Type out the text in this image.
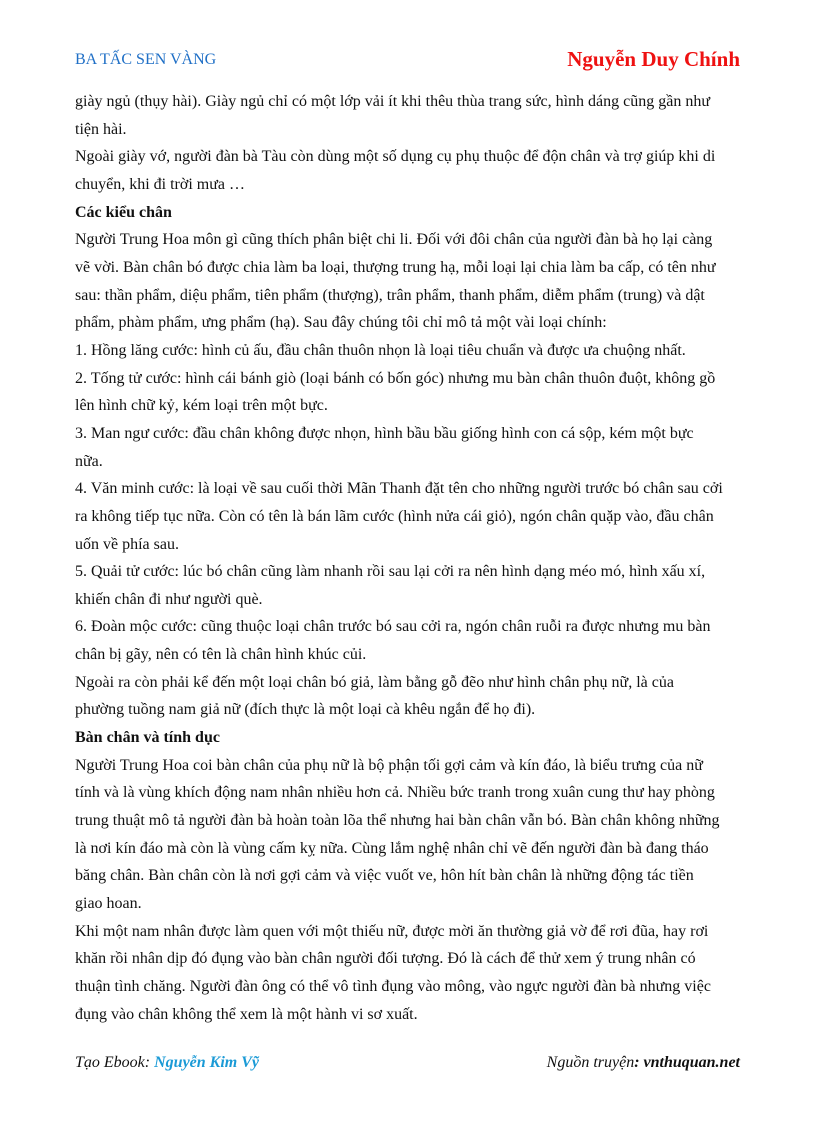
BA TẤC SEN VÀNG	Nguyễn Duy Chính
giày ngủ (thụy hài). Giày ngủ chỉ có một lớp vải ít khi thêu thùa trang sức, hình dáng cũng gần như
tiện hài.
Ngoài giày vớ, người đàn bà Tàu còn dùng một số dụng cụ phụ thuộc để độn chân và trợ giúp khi di
chuyển, khi đi trời mưa …
Các kiểu chân
Người Trung Hoa môn gì cũng thích phân biệt chi li. Đối với đôi chân của người đàn bà họ lại càng
vẽ vời. Bàn chân bó được chia làm ba loại, thượng trung hạ, mỗi loại lại chia làm ba cấp, có tên như
sau: thần phẩm, diệu phẩm, tiên phẩm (thượng), trân phẩm, thanh phẩm, diễm phẩm (trung) và dật
phẩm, phàm phẩm, ưng phẩm (hạ). Sau đây chúng tôi chỉ mô tả một vài loại chính:
1. Hồng lăng cước: hình củ ấu, đầu chân thuôn nhọn là loại tiêu chuẩn và được ưa chuộng nhất.
2. Tống tử cước: hình cái bánh giò (loại bánh có bốn góc) nhưng mu bàn chân thuôn đuột, không gồ
lên hình chữ kỷ, kém loại trên một bực.
3. Man ngư cước: đầu chân không được nhọn, hình bầu bầu giống hình con cá sộp, kém một bực
nữa.
4. Văn minh cước: là loại về sau cuối thời Mãn Thanh đặt tên cho những người trước bó chân sau cởi
ra không tiếp tục nữa. Còn có tên là bán lãm cước (hình nửa cái giỏ), ngón chân quặp vào, đầu chân
uốn về phía sau.
5. Quải tử cước: lúc bó chân cũng làm nhanh rồi sau lại cởi ra nên hình dạng méo mó, hình xấu xí,
khiến chân đi như người què.
6. Đoàn mộc cước: cũng thuộc loại chân trước bó sau cởi ra, ngón chân ruỗi ra được nhưng mu bàn
chân bị gãy, nên có tên là chân hình khúc củi.
Ngoài ra còn phải kể đến một loại chân bó giả, làm bằng gỗ đẽo như hình chân phụ nữ, là của
phường tuồng nam giả nữ (đích thực là một loại cà khêu ngắn để họ đi).
Bàn chân và tính dục
Người Trung Hoa coi bàn chân của phụ nữ là bộ phận tối gợi cảm và kín đáo, là biểu trưng của nữ
tính và là vùng khích động nam nhân nhiều hơn cả. Nhiều bức tranh trong xuân cung thư hay phòng
trung thuật mô tả người đàn bà hoàn toàn lõa thể nhưng hai bàn chân vẫn bó. Bàn chân không những
là nơi kín đáo mà còn là vùng cấm kỵ nữa. Cùng lắm nghệ nhân chỉ vẽ đến người đàn bà đang tháo
băng chân. Bàn chân còn là nơi gợi cảm và việc vuốt ve, hôn hít bàn chân là những động tác tiền
giao hoan.
Khi một nam nhân được làm quen với một thiếu nữ, được mời ăn thường giả vờ để rơi đũa, hay rơi
khăn rồi nhân dịp đó đụng vào bàn chân người đối tượng. Đó là cách để thử xem ý trung nhân có
thuận tình chăng. Người đàn ông có thể vô tình đụng vào mông, vào ngực người đàn bà nhưng việc
đụng vào chân không thể xem là một hành vi sơ xuất.
Tạo Ebook: Nguyễn Kim Vỹ	Nguồn truyện: vnthuquan.net
